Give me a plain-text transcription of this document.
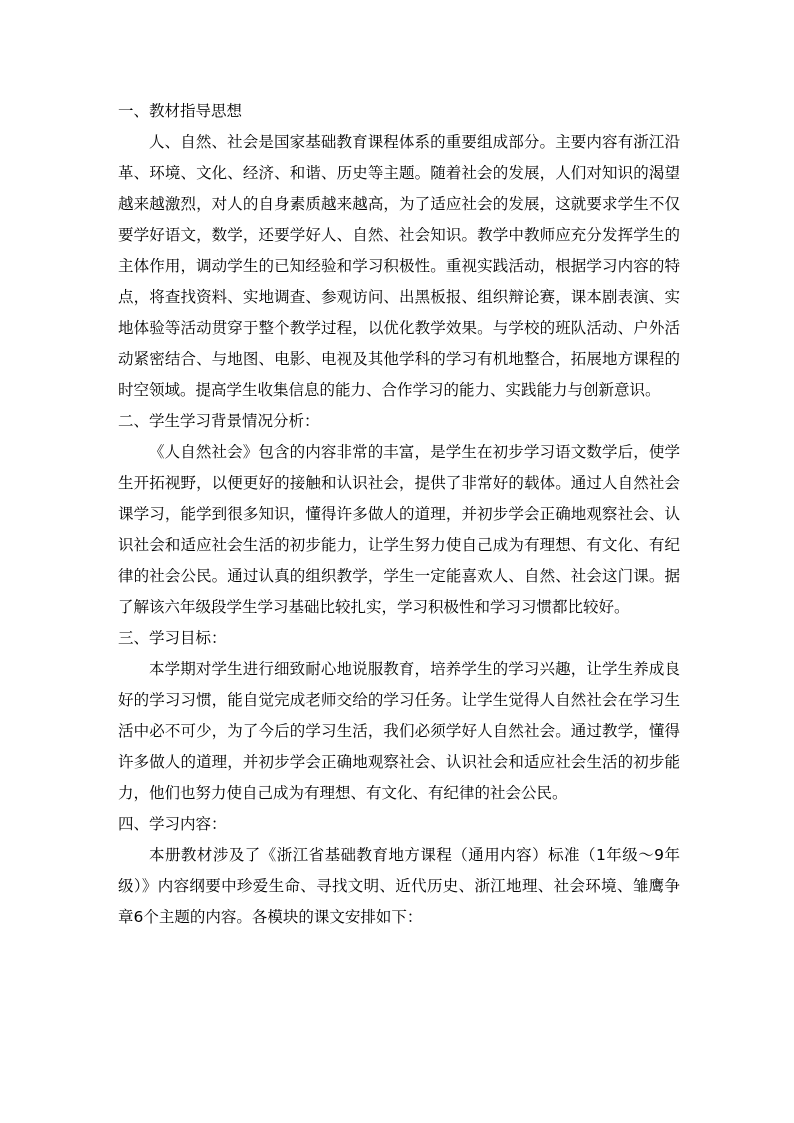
一、教材指导思想

人、自然、社会是国家基础教育课程体系的重要组成部分。主要内容有浙江沿革、环境、文化、经济、和谐、历史等主题。随着社会的发展，人们对知识的渴望越来越激烈，对人的自身素质越来越高，为了适应社会的发展，这就要求学生不仅要学好语文，数学，还要学好人、自然、社会知识。教学中教师应充分发挥学生的主体作用，调动学生的已知经验和学习积极性。重视实践活动，根据学习内容的特点，将查找资料、实地调查、参观访问、出黑板报、组织辩论赛，课本剧表演、实地体验等活动贯穿于整个教学过程，以优化教学效果。与学校的班队活动、户外活动紧密结合、与地图、电影、电视及其他学科的学习有机地整合，拓展地方课程的时空领域。提高学生收集信息的能力、合作学习的能力、实践能力与创新意识。

二、学生学习背景情况分析：

《人自然社会》包含的内容非常的丰富，是学生在初步学习语文数学后，使学生开拓视野，以便更好的接触和认识社会，提供了非常好的载体。通过人自然社会课学习，能学到很多知识，懂得许多做人的道理，并初步学会正确地观察社会、认识社会和适应社会生活的初步能力，让学生努力使自己成为有理想、有文化、有纪律的社会公民。通过认真的组织教学，学生一定能喜欢人、自然、社会这门课。据了解该六年级段学生学习基础比较扎实，学习积极性和学习习惯都比较好。

三、学习目标：

本学期对学生进行细致耐心地说服教育，培养学生的学习兴趣，让学生养成良好的学习习惯，能自觉完成老师交给的学习任务。让学生觉得人自然社会在学习生活中必不可少，为了今后的学习生活，我们必须学好人自然社会。通过教学，懂得许多做人的道理，并初步学会正确地观察社会、认识社会和适应社会生活的初步能力，他们也努力使自己成为有理想、有文化、有纪律的社会公民。

四、学习内容：

本册教材涉及了《浙江省基础教育地方课程（通用内容）标准（1年级～9年级）》内容纲要中珍爱生命、寻找文明、近代历史、浙江地理、社会环境、雏鹰争章6个主题的内容。各模块的课文安排如下：
